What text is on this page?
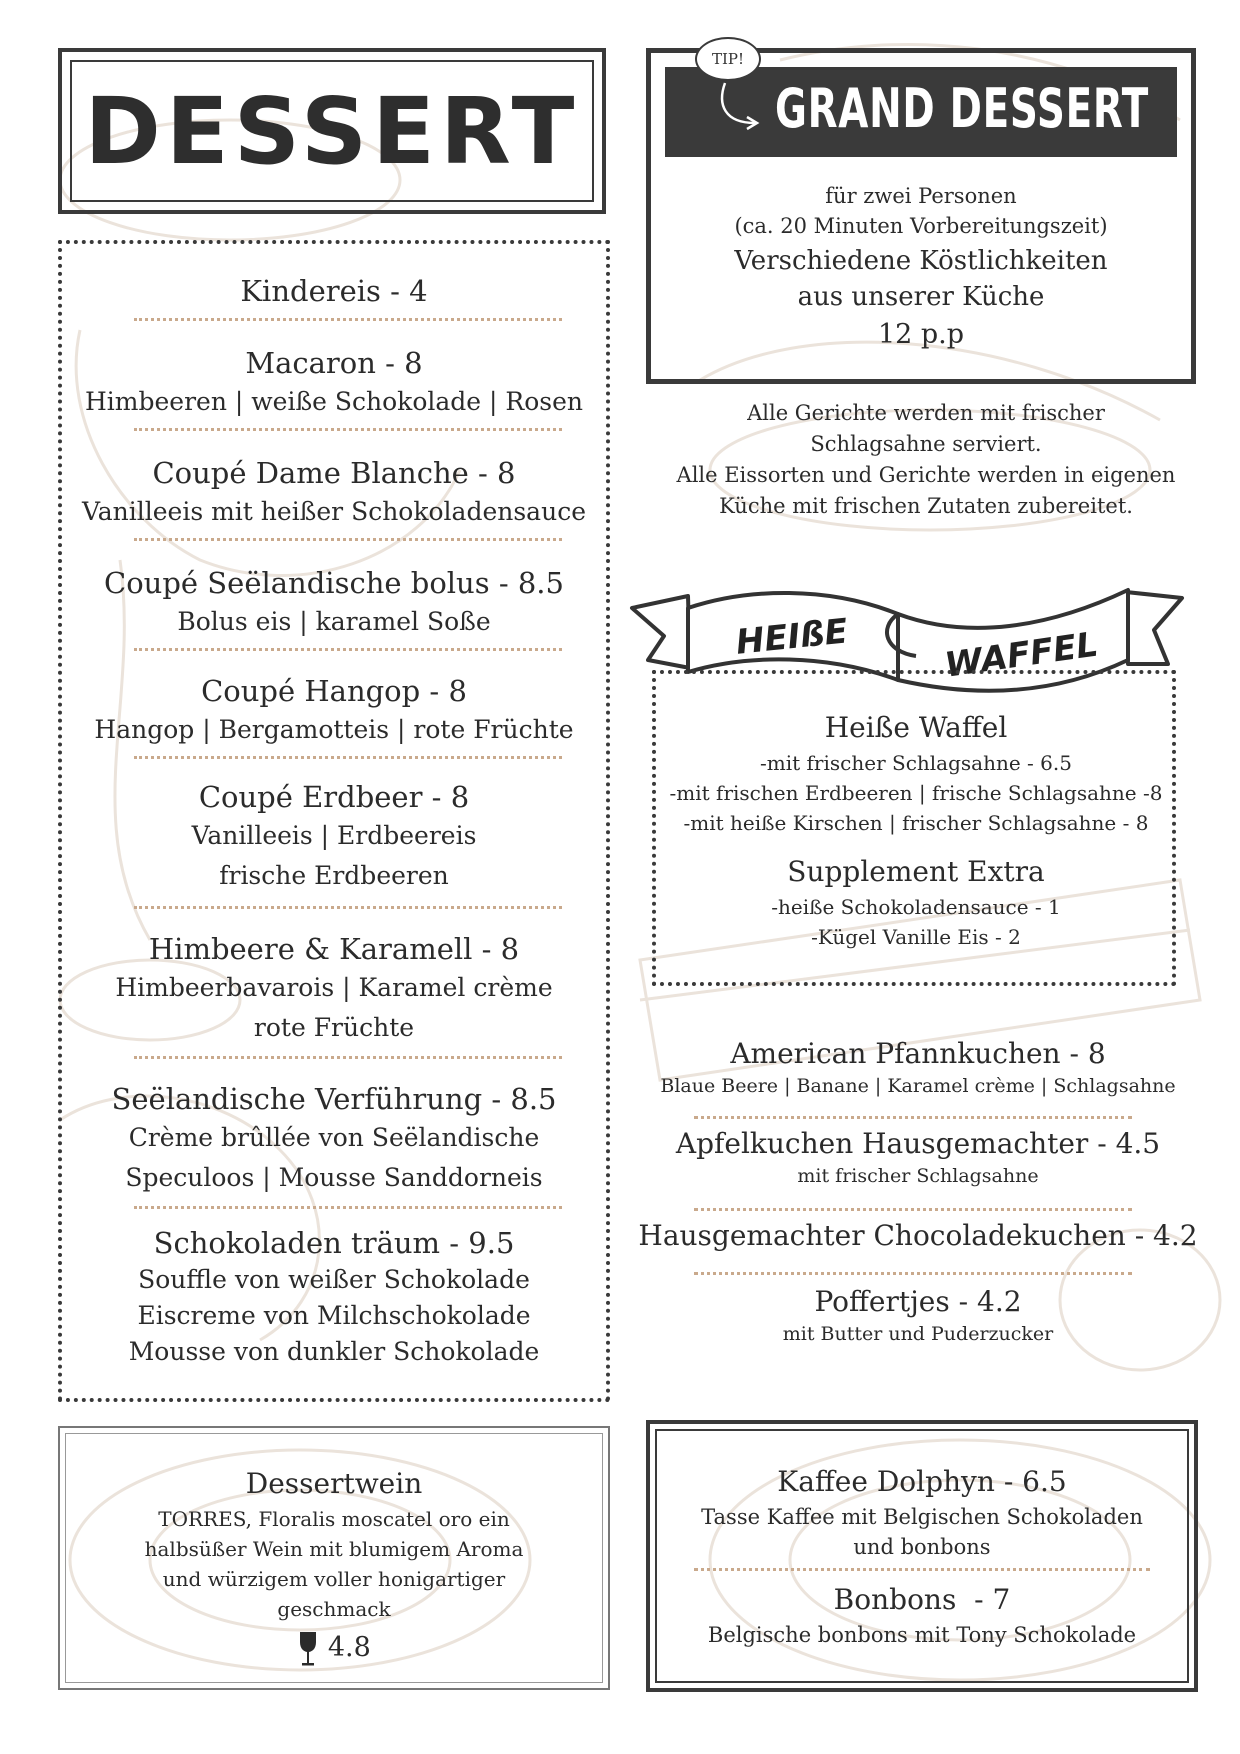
DESSERT
Kindereis - 4
Macaron - 8
Himbeeren | weiße Schokolade | Rosen
Coupé Dame Blanche - 8
Vanilleeis mit heißer Schokoladensauce
Coupé Seëlandische bolus - 8.5
Bolus eis | karamel Soße
Coupé Hangop - 8
Hangop | Bergamotteis | rote Früchte
Coupé Erdbeer - 8
Vanilleeis | Erdbeereis
frische Erdbeeren
Himbeere & Karamell - 8
Himbeerbavarois | Karamel crème
rote Früchte
Seëlandische Verführung - 8.5
Crème brûllée von Seëlandische
Speculoos | Mousse Sanddorneis
Schokoladen träum - 9.5
Souffle von weißer Schokolade
Eiscreme von Milchschokolade
Mousse von dunkler Schokolade
GRAND DESSERT
TIP!
für zwei Personen
(ca. 20 Minuten Vorbereitungszeit)
Verschiedene Köstlichkeiten
aus unserer Küche
12 p.p
Alle Gerichte werden mit frischer
Schlagsahne serviert.
Alle Eissorten und Gerichte werden in eigenen
Küche mit frischen Zutaten zubereitet.
HEIßE	WAFFEL
Heiße Waffel
-mit frischer Schlagsahne - 6.5
-mit frischen Erdbeeren | frische Schlagsahne -8
-mit heiße Kirschen | frischer Schlagsahne - 8
Supplement Extra
-heiße Schokoladensauce - 1
-Kügel Vanille Eis - 2
American Pfannkuchen - 8
Blaue Beere | Banane | Karamel crème | Schlagsahne
Apfelkuchen Hausgemachter - 4.5
mit frischer Schlagsahne
Hausgemachter Chocoladekuchen - 4.2
Poffertjes - 4.2
mit Butter und Puderzucker
Dessertwein
TORRES, Floralis moscatel oro ein
halbsüßer Wein mit blumigem Aroma
und würzigem voller honigartiger
geschmack
4.8
Kaffee Dolphyn - 6.5
Tasse Kaffee mit Belgischen Schokoladen
und bonbons
Bonbons  - 7
Belgische bonbons mit Tony Schokolade
